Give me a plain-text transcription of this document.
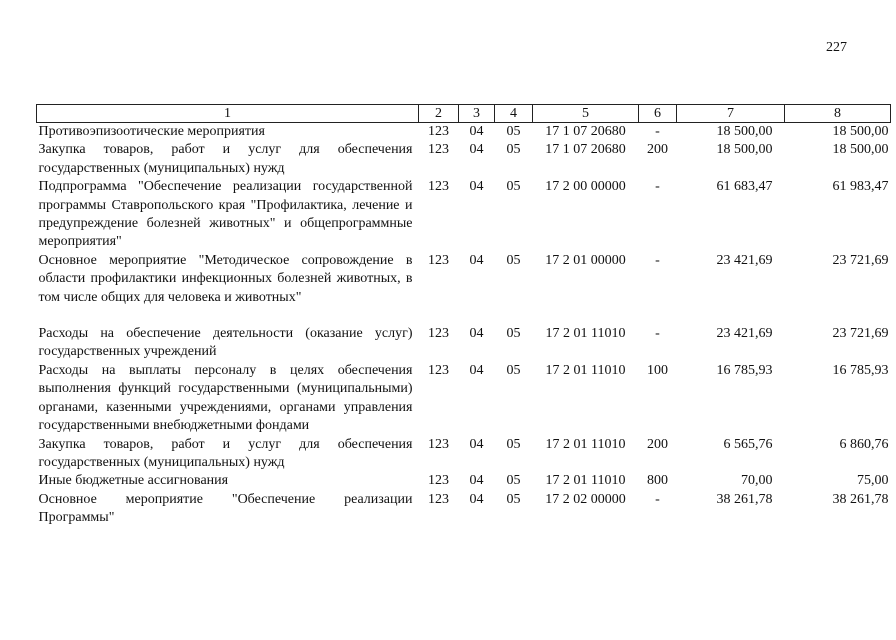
227
1	2	3	4	5	6	7	8
Противоэпизоотические мероприятия	123	04	05	17 1 07 20680	-	18 500,00	18 500,00
Закупка товаров, работ и услуг для обеспечения государственных (муниципальных) нужд	123	04	05	17 1 07 20680	200	18 500,00	18 500,00
Подпрограмма "Обеспечение реализации государственной программы Ставропольского края "Профилактика, лечение и предупреждение болезней животных" и общепрограммные мероприятия"	123	04	05	17 2 00 00000	-	61 683,47	61 983,47
Основное мероприятие "Методическое сопровождение в области профилактики инфекционных болезней животных, в том числе общих для человека и животных"	123	04	05	17 2 01 00000	-	23 421,69	23 721,69
Расходы на обеспечение деятельности (оказание услуг) государственных учреждений	123	04	05	17 2 01 11010	-	23 421,69	23 721,69
Расходы на выплаты персоналу в целях обеспечения выполнения функций государственными (муниципальными) органами, казенными учреждениями, органами управления государственными внебюджетными фондами	123	04	05	17 2 01 11010	100	16 785,93	16 785,93
Закупка товаров, работ и услуг для обеспечения государственных (муниципальных) нужд	123	04	05	17 2 01 11010	200	6 565,76	6 860,76
Иные бюджетные ассигнования	123	04	05	17 2 01 11010	800	70,00	75,00
Основное мероприятие "Обеспечение реализации Программы"	123	04	05	17 2 02 00000	-	38 261,78	38 261,78
